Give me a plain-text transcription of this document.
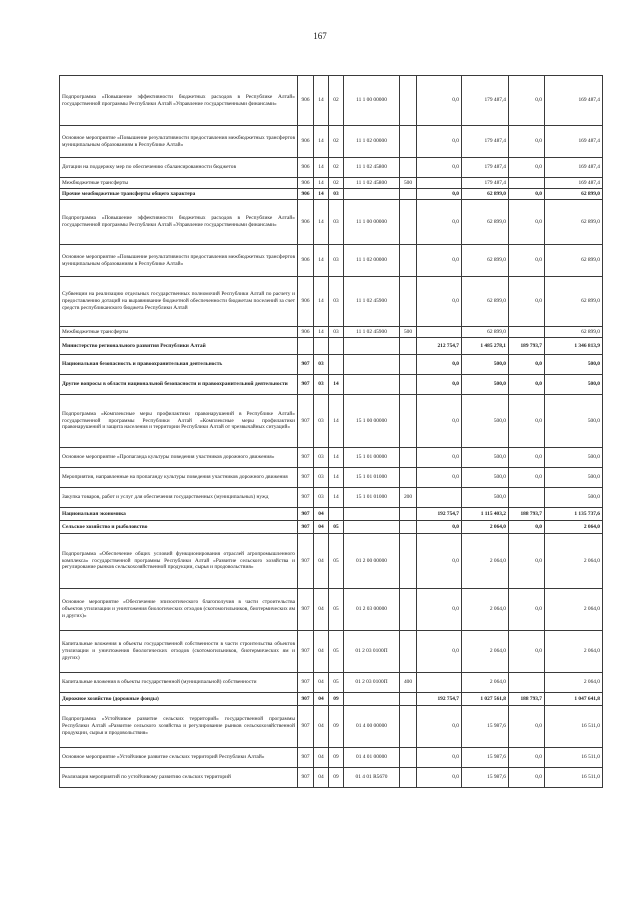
167
Подпрограмма «Повышение эффективности бюджетных расходов в Республике Алтай» государственной программы Республики Алтай «Управление государственными финансами»	906	14	02	11 1 00 00000		0,0	179 487,4	0,0	169 487,4
Основное мероприятие «Повышение результативности предоставления межбюджетных трансфертов муниципальным образованиям в Республике Алтай»	906	14	02	11 1 02 00000		0,0	179 487,4	0,0	169 487,4
Дотации на поддержку мер по обеспечению сбалансированности бюджетов	906	14	02	11 1 02 45800		0,0	179 487,4	0,0	169 487,4
Межбюджетные трансферты	906	14	02	11 1 02 45800	500		179 487,4		169 487,4
Прочие межбюджетные трансферты общего характера	906	14	03			0,0	62 899,0	0,0	62 899,0
Подпрограмма «Повышение эффективности бюджетных расходов в Республике Алтай» государственной программы Республики Алтай «Управление государственными финансами»	906	14	03	11 1 00 00000		0,0	62 899,0	0,0	62 899,0
Основное мероприятие «Повышение результативности предоставления межбюджетных трансфертов муниципальным образованиям в Республике Алтай»	906	14	03	11 1 02 00000		0,0	62 899,0	0,0	62 899,0
Субвенции на реализацию отдельных государственных полномочий Республики Алтай по расчету и предоставлению дотаций на выравнивание бюджетной обеспеченности бюджетам поселений за счет средств республиканского бюджета Республики Алтай	906	14	03	11 1 02 45900		0,0	62 899,0	0,0	62 899,0
Межбюджетные трансферты	906	14	03	11 1 02 45900	500		62 899,0		62 899,0
Министерство регионального развития Республики Алтай						212 754,7	1 485 278,1	189 793,7	1 346 813,9
Национальная безопасность и правоохранительная деятельность	907	03				0,0	500,0	0,0	500,0
Другие вопросы в области национальной безопасности и правоохранительной деятельности	907	03	14			0,0	500,0	0,0	500,0
Подпрограмма «Комплексные меры профилактики правонарушений в Республике Алтай» государственной программы Республики Алтай «Комплексные меры профилактики правонарушений и защита населения и территории Республики Алтай от чрезвычайных ситуаций»	907	03	14	15 1 00 00000		0,0	500,0	0,0	500,0
Основное мероприятие «Пропаганда культуры поведения участников дорожного движения»	907	03	14	15 1 01 00000		0,0	500,0	0,0	500,0
Мероприятия, направленные на пропаганду культуры поведения участников дорожного движения	907	03	14	15 1 01 01000		0,0	500,0	0,0	500,0
Закупка товаров, работ и услуг для обеспечения государственных (муниципальных) нужд	907	03	14	15 1 01 01000	200		500,0		500,0
Национальная экономика	907	04				192 754,7	1 115 403,2	188 793,7	1 135 737,6
Сельское хозяйство и рыболовство	907	04	05			0,0	2 064,0	0,0	2 064,0
Подпрограмма «Обеспечение общих условий функционирования отраслей агропромышленного комплекса» государственной программы Республики Алтай «Развитие сельского хозяйства и регулирование рынков сельскохозяйственной продукции, сырья и продовольствия»	907	04	05	01 2 00 00000		0,0	2 064,0	0,0	2 064,0
Основное мероприятие «Обеспечение эпизоотического благополучия в части строительства объектов утилизации и уничтожения биологических отходов (скотомогильников, биотермических ям и других)»	907	04	05	01 2 03 00000		0,0	2 064,0	0,0	2 064,0
Капитальные вложения в объекты государственной собственности в части строительства объектов утилизации и уничтожения биологических отходов (скотомогильников, биотермических ям и других)	907	04	05	01 2 03 0100П		0,0	2 064,0	0,0	2 064,0
Капитальные вложения в объекты государственной (муниципальной) собственности	907	04	05	01 2 03 0100П	400		2 064,0		2 064,0
Дорожное хозяйство (дорожные фонды)	907	04	09			192 754,7	1 027 561,8	188 793,7	1 047 641,8
Подпрограмма «Устойчивое развитие сельских территорий» государственной программы Республики Алтай «Развитие сельского хозяйства и регулирование рынков сельскохозяйственной продукции, сырья и продовольствия»	907	04	09	01 4 00 00000		0,0	15 987,6	0,0	16 511,0
Основное мероприятие «Устойчивое развитие сельских территорий Республики Алтай»	907	04	09	01 4 01 00000		0,0	15 987,6	0,0	16 511,0
Реализация мероприятий по устойчивому развитию сельских территорий	907	04	09	01 4 01 R5670		0,0	15 987,6	0,0	16 511,0
